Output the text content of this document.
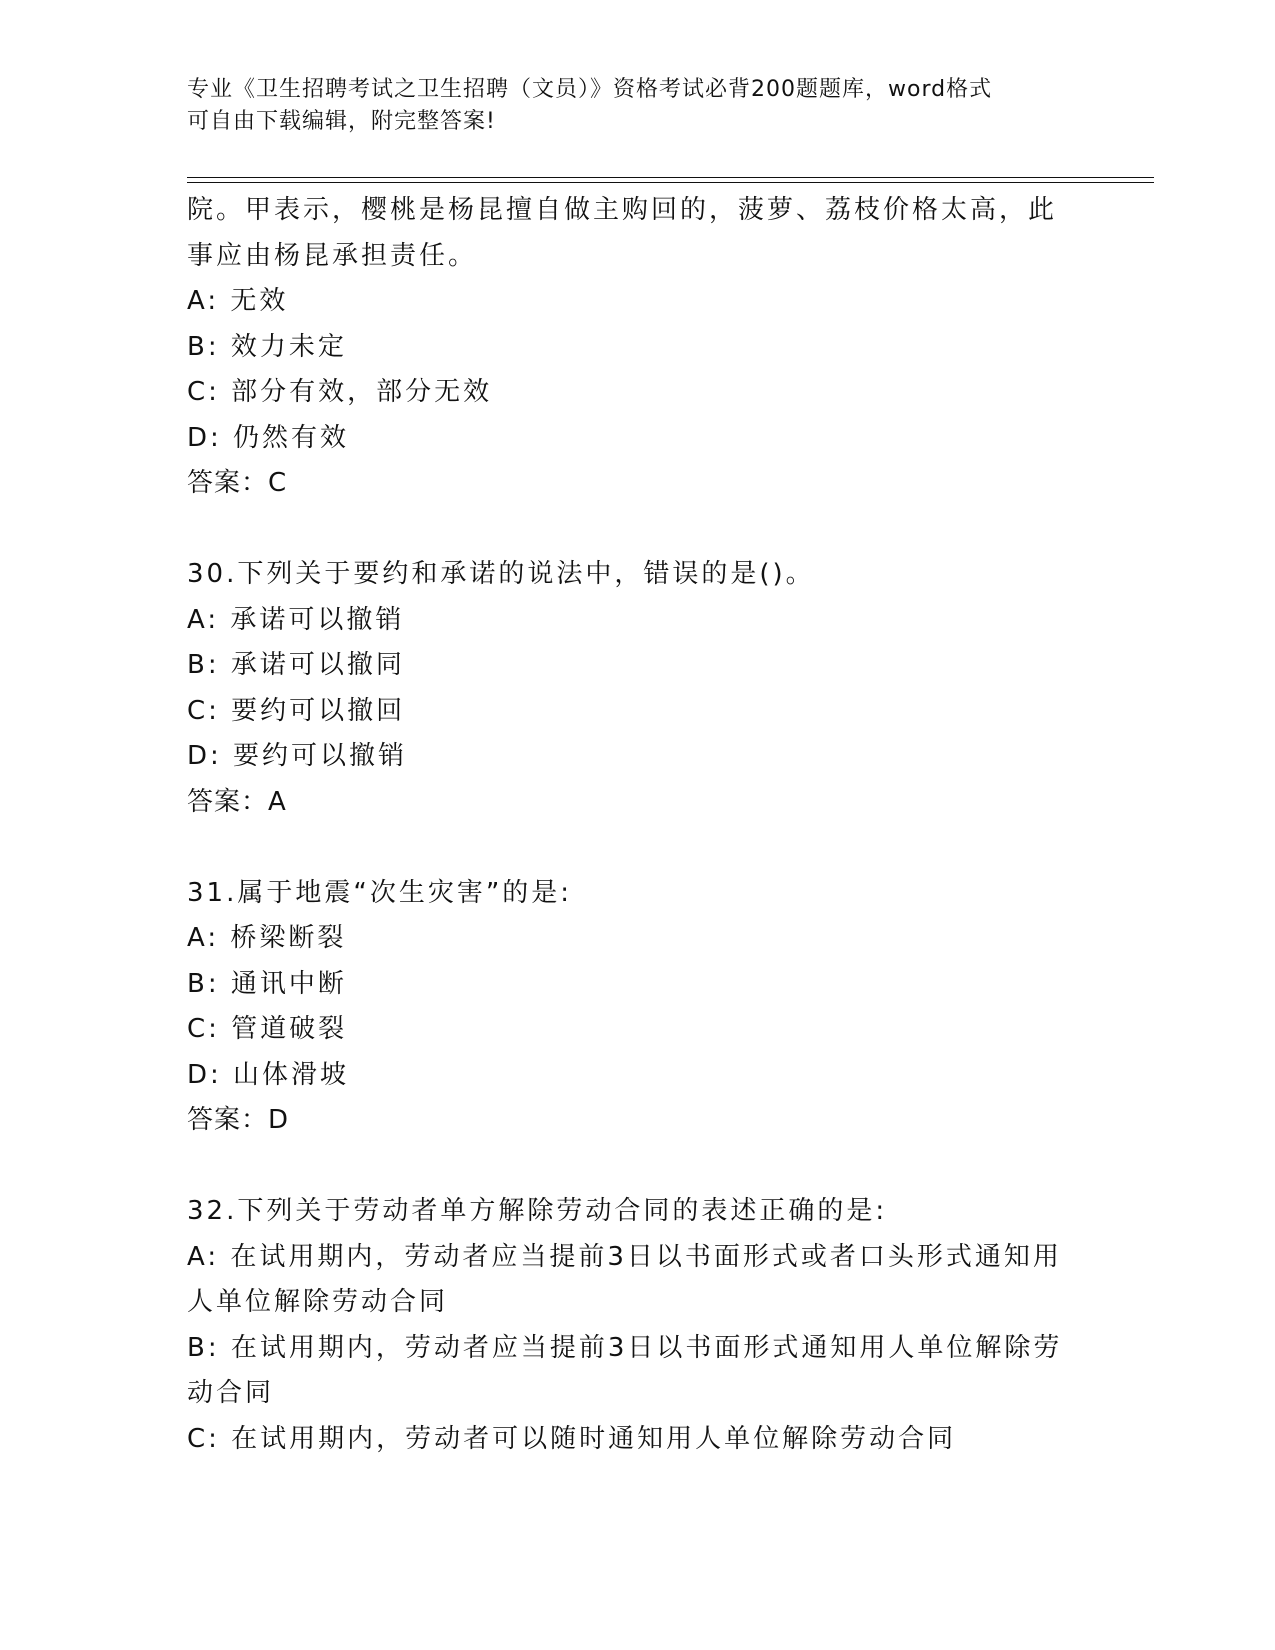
专业《卫生招聘考试之卫生招聘（文员）》资格考试必背200题题库，word格式
可自由下载编辑，附完整答案!
院。甲表示，樱桃是杨昆擅自做主购回的，菠萝、荔枝价格太高，此
事应由杨昆承担责任。
A: 无效
B: 效力未定
C: 部分有效，部分无效
D: 仍然有效
答案：C
30.下列关于要约和承诺的说法中，错误的是()。
A: 承诺可以撤销
B: 承诺可以撤同
C: 要约可以撤回
D: 要约可以撤销
答案：A
31.属于地震“次生灾害”的是:
A: 桥梁断裂
B: 通讯中断
C: 管道破裂
D: 山体滑坡
答案：D
32.下列关于劳动者单方解除劳动合同的表述正确的是:
A: 在试用期内，劳动者应当提前3日以书面形式或者口头形式通知用
人单位解除劳动合同
B: 在试用期内，劳动者应当提前3日以书面形式通知用人单位解除劳
动合同
C: 在试用期内，劳动者可以随时通知用人单位解除劳动合同
